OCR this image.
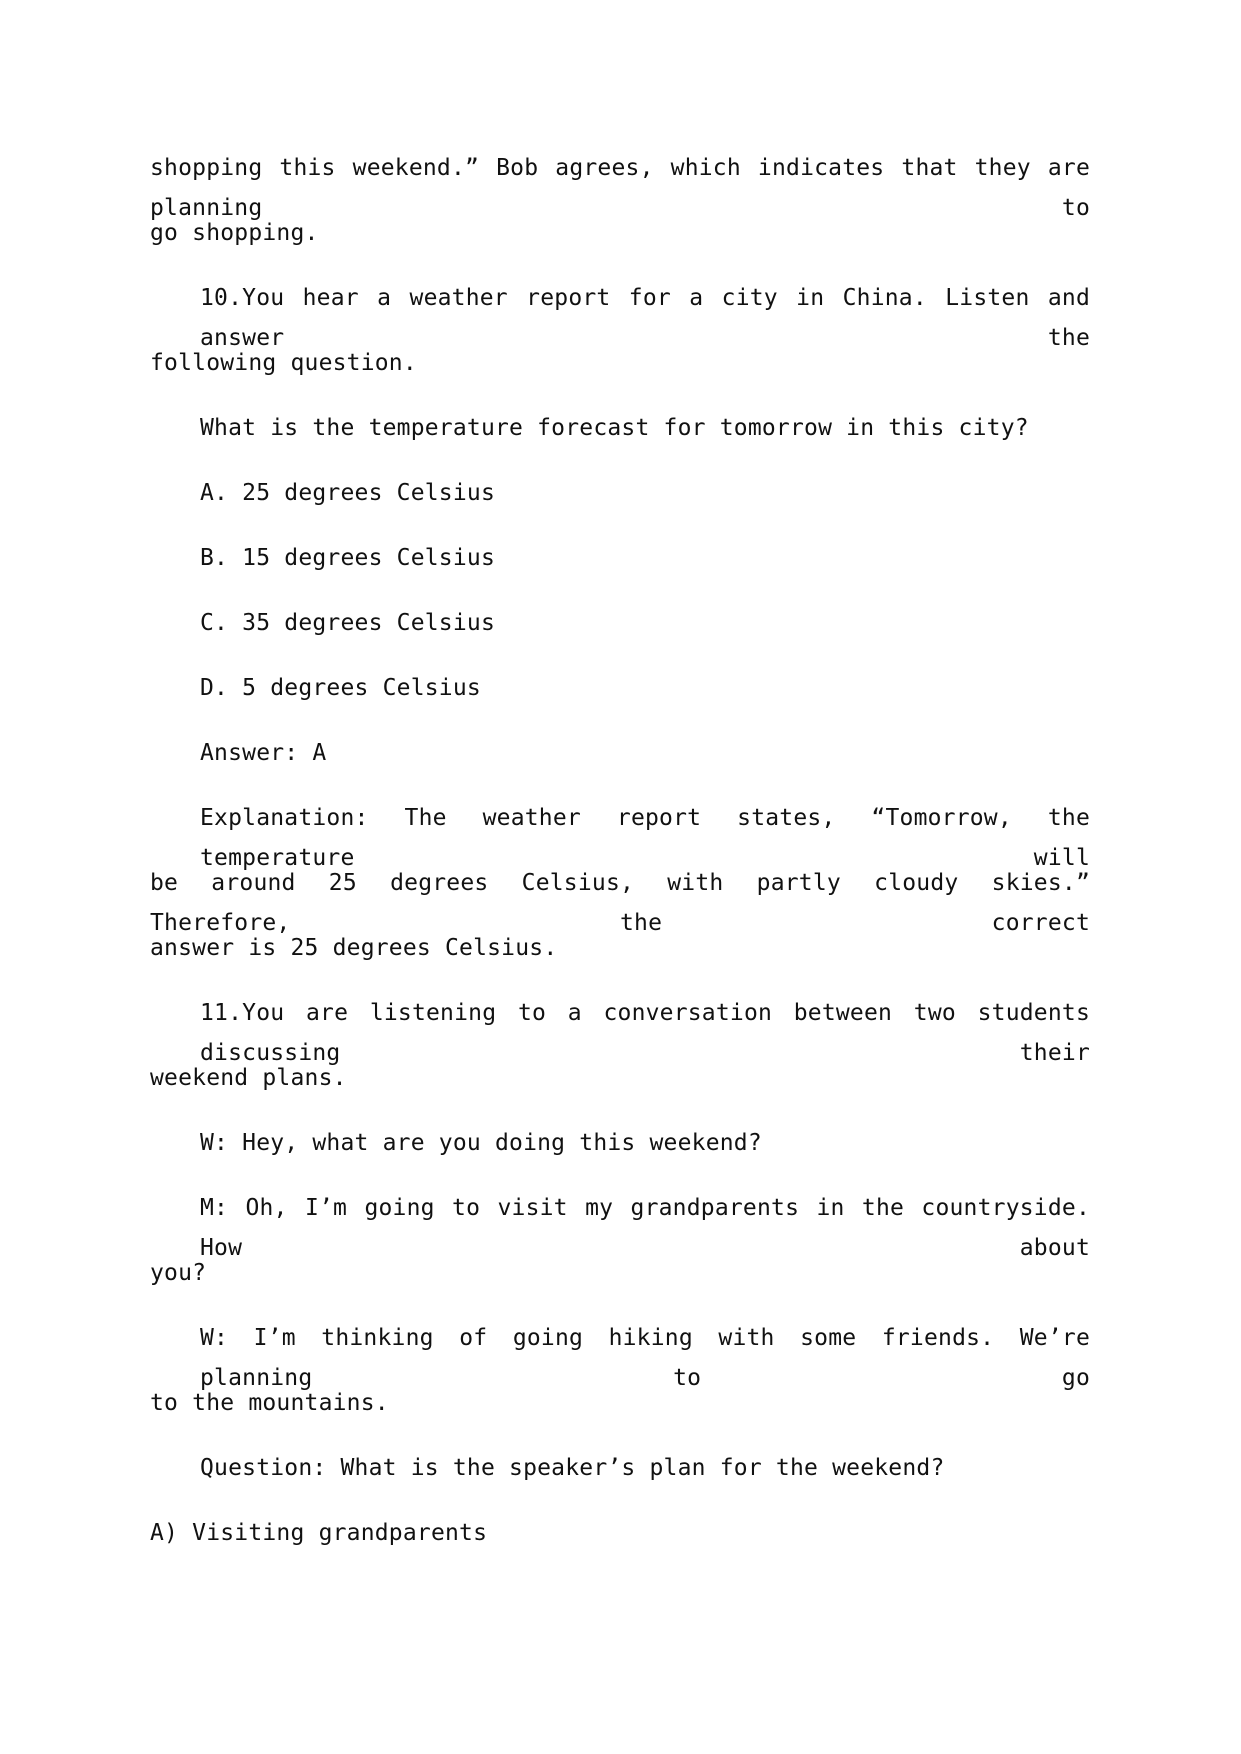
shopping this weekend.” Bob agrees, which indicates that they are planning to
go shopping.
10.You hear a weather report for a city in China. Listen and answer the
following question.
What is the temperature forecast for tomorrow in this city?
A. 25 degrees Celsius
B. 15 degrees Celsius
C. 35 degrees Celsius
D. 5 degrees Celsius
Answer: A
Explanation: The weather report states, “Tomorrow, the temperature will
be around 25 degrees Celsius, with partly cloudy skies.” Therefore, the correct
answer is 25 degrees Celsius.
11.You are listening to a conversation between two students discussing their
weekend plans.
W: Hey, what are you doing this weekend?
M: Oh, I’m going to visit my grandparents in the countryside. How about
you?
W: I’m thinking of going hiking with some friends. We’re planning to go
to the mountains.
Question: What is the speaker’s plan for the weekend?
A) Visiting grandparents
